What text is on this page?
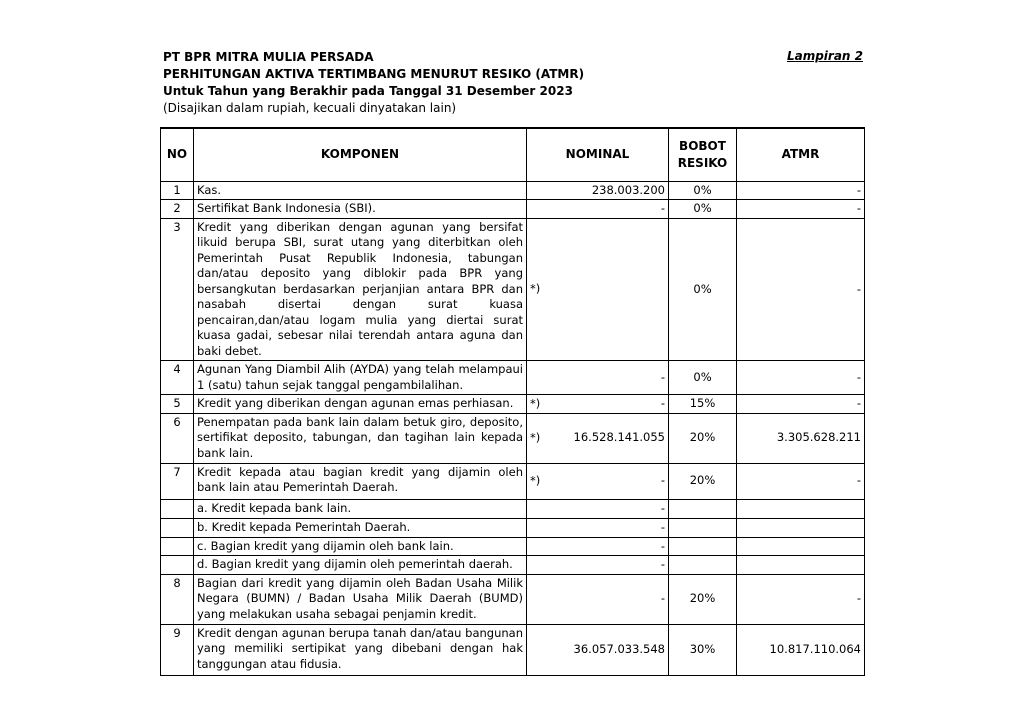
Lampiran 2
PT BPR MITRA MULIA PERSADA
PERHITUNGAN AKTIVA TERTIMBANG MENURUT RESIKO (ATMR)
Untuk Tahun yang Berakhir pada Tanggal 31 Desember 2023
(Disajikan dalam rupiah, kecuali dinyatakan lain)
NO	KOMPONEN	NOMINAL	BOBOT RESIKO	ATMR
1	Kas.	238.003.200	0%	-
2	Sertifikat Bank Indonesia (SBI).	-	0%	-
3	Kredit yang diberikan dengan agunan yang bersifat likuid berupa SBI, surat utang yang diterbitkan oleh Pemerintah Pusat Republik Indonesia, tabungan dan/atau deposito yang diblokir pada BPR yang bersangkutan berdasarkan perjanjian antara BPR dan nasabah disertai dengan surat kuasa pencairan,dan/atau logam mulia yang diertai surat kuasa gadai, sebesar nilai terendah antara aguna dan baki debet.	*)	0%	-
4	Agunan Yang Diambil Alih (AYDA) yang telah melampaui 1 (satu) tahun sejak tanggal pengambilalihan.	-	0%	-
5	Kredit yang diberikan dengan agunan emas perhiasan.	*) -	15%	-
6	Penempatan pada bank lain dalam betuk giro, deposito, sertifikat deposito, tabungan, dan tagihan lain kepada bank lain.	*) 16.528.141.055	20%	3.305.628.211
7	Kredit kepada atau bagian kredit yang dijamin oleh bank lain atau Pemerintah Daerah.	*) -	20%	-
	a. Kredit kepada bank lain.	-		
	b. Kredit kepada Pemerintah Daerah.	-		
	c. Bagian kredit yang dijamin oleh bank lain.	-		
	d. Bagian kredit yang dijamin oleh pemerintah daerah.	-		
8	Bagian dari kredit yang dijamin oleh Badan Usaha Milik Negara (BUMN) / Badan Usaha Milik Daerah (BUMD) yang melakukan usaha sebagai penjamin kredit.	-	20%	-
9	Kredit dengan agunan berupa tanah dan/atau bangunan yang memiliki sertipikat yang dibebani dengan hak tanggungan atau fidusia.	36.057.033.548	30%	10.817.110.064
